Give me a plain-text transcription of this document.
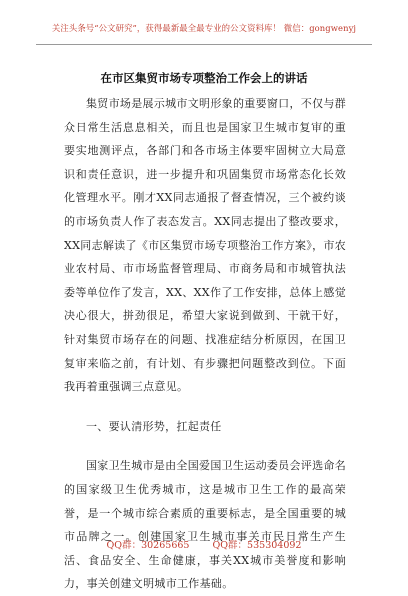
关注头条号“公文研究”，获得最新最全最专业的公文资料库！ 微信：gongwenyj
在市区集贸市场专项整治工作会上的讲话

集贸市场是展示城市文明形象的重要窗口，不仅与群众日常生活息息相关，而且也是国家卫生城市复审的重要实地测评点，各部门和各市场主体要牢固树立大局意识和责任意识，进一步提升和巩固集贸市场常态化长效化管理水平。刚才XX同志通报了督查情况，三个被约谈的市场负责人作了表态发言。XX同志提出了整改要求，XX同志解读了《市区集贸市场专项整治工作方案》，市农业农村局、市市场监督管理局、市商务局和市城管执法委等单位作了发言，XX、XX作了工作安排，总体上感觉决心很大，拼劲很足，希望大家说到做到、干就干好，针对集贸市场存在的问题、找准症结分析原因，在国卫复审来临之前，有计划、有步骤把问题整改到位。下面我再着重强调三点意见。

一、要认清形势，扛起责任

国家卫生城市是由全国爱国卫生运动委员会评选命名的国家级卫生优秀城市，这是城市卫生工作的最高荣誉，是一个城市综合素质的重要标志，是全国重要的城市品牌之一。创建国家卫生城市事关市民日常生产生活、食品安全、生命健康，事关XX城市美誉度和影响力，事关创建文明城市工作基础。

QQ群：30265665 QQ群：535304092
